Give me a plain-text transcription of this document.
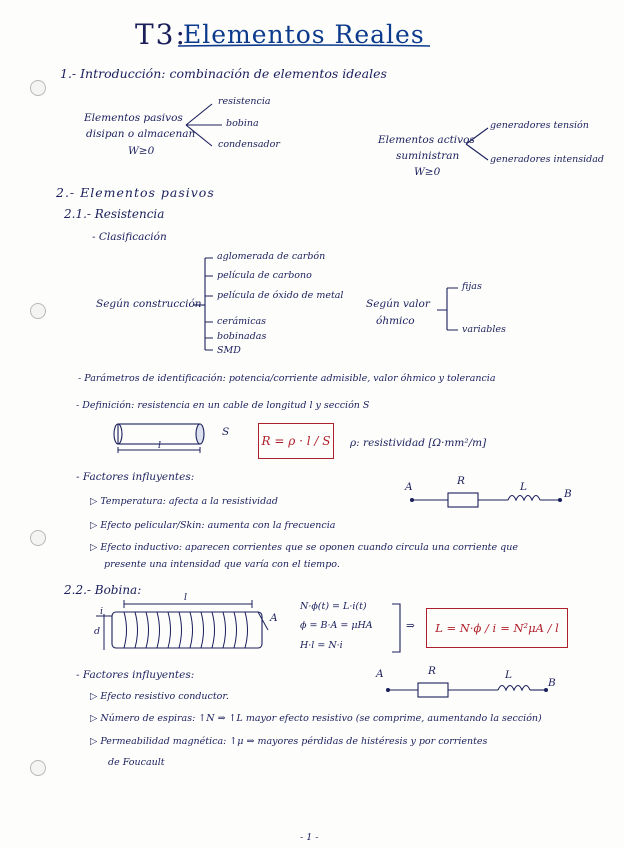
T3:
Elementos Reales
1.- Introducción: combinación de elementos ideales
Elementos pasivos
disipan o almacenan
W≥0
resistencia
bobina
condensador	Elementos activos
suministran
W≥0
generadores tensión
generadores intensidad
2.- Elementos pasivos
2.1.- Resistencia
- Clasificación
Según construcción
aglomerada de carbón
película de carbono
película de óxido de metal
cerámicas
bobinadas
SMD
Según valor
óhmico
fijas
variables
- Parámetros de identificación: potencia/corriente admisible, valor óhmico y tolerancia
- Definición: resistencia en un cable de longitud l y sección S
S
l	R = ρ · l / S ρ: resistividad [Ω·mm²/m]
- Factores influyentes:
▷ Temperatura: afecta a la resistividad
▷ Efecto pelicular/Skin: aumenta con la frecuencia
▷ Efecto inductivo: aparecen corrientes que se oponen cuando circula una corriente que
presente una intensidad que varía con el tiempo.
A	R	L
B
2.2.- Bobina:
i
d
l
A
N·ϕ(t) = L·i(t)
ϕ = B·A = μHA
H·l = N·i
⇒ L = N·ϕ / i = N²μA / l
- Factores influyentes:
▷ Efecto resistivo conductor.
▷ Número de espiras: ↑N ⇒ ↑L mayor efecto resistivo (se comprime, aumentando la sección)
▷ Permeabilidad magnética: ↑μ ⇒ mayores pérdidas de histéresis y por corrientes
de Foucault
A	R	L
B
- 1 -
